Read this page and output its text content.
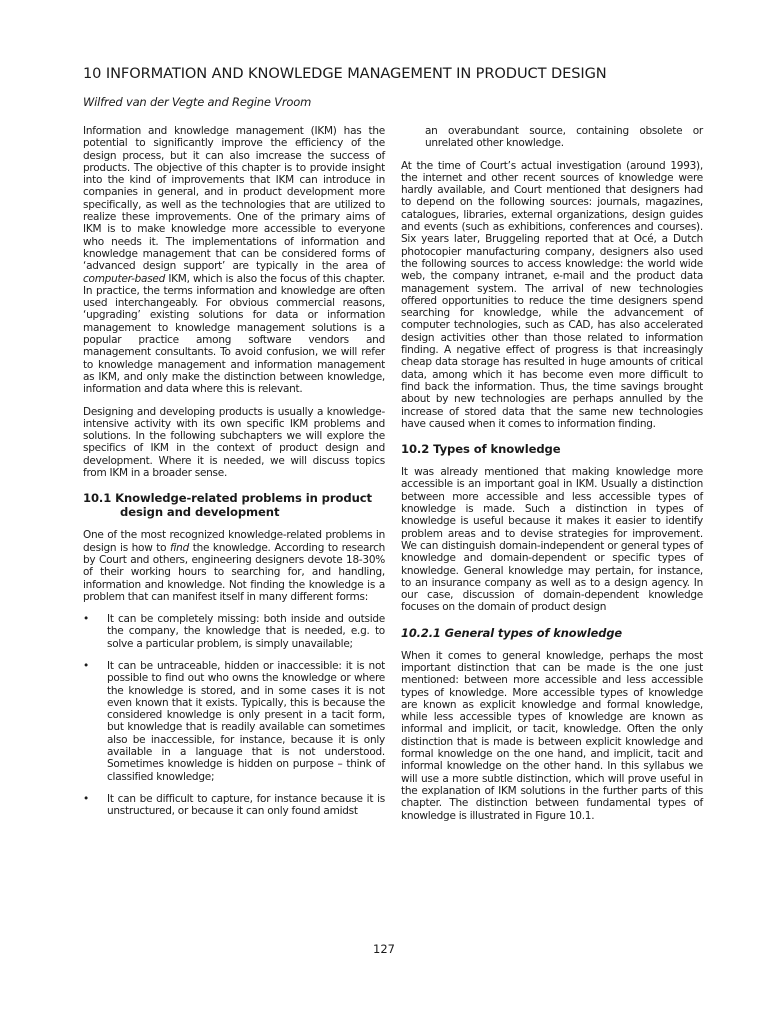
10 INFORMATION AND KNOWLEDGE MANAGEMENT IN PRODUCT DESIGN

Wilfred van der Vegte and Regine Vroom

Information and knowledge management (IKM) has the potential to significantly improve the efficiency of the design process, but it can also imcrease the success of products. The objective of this chapter is to provide insight into the kind of improvements that IKM can introduce in companies in general, and in product development more specifically, as well as the technologies that are utilized to realize these improvements. One of the primary aims of IKM is to make knowledge more accessible to everyone who needs it. The implementations of information and knowledge management that can be considered forms of ‘advanced design support’ are typically in the area of computer-based IKM, which is also the focus of this chapter. In practice, the terms information and knowledge are often used interchangeably. For obvious commercial reasons, ‘upgrading’ existing solutions for data or information management to knowledge management solutions is a popular practice among software vendors and management consultants. To avoid confusion, we will refer to knowledge management and information management as IKM, and only make the distinction between knowledge, information and data where this is relevant.

Designing and developing products is usually a knowledge-intensive activity with its own specific IKM problems and solutions. In the following subchapters we will explore the specifics of IKM in the context of product design and development. Where it is needed, we will discuss topics from IKM in a broader sense.

10.1 Knowledge-related problems in product design and development

One of the most recognized knowledge-related problems in design is how to find the knowledge. According to research by Court and others, engineering designers devote 18-30% of their working hours to searching for, and handling, information and knowledge. Not finding the knowledge is a problem that can manifest itself in many different forms:

•	It can be completely missing: both inside and outside the company, the knowledge that is needed, e.g. to solve a particular problem, is simply unavailable;
•	It can be untraceable, hidden or inaccessible: it is not possible to find out who owns the knowledge or where the knowledge is stored, and in some cases it is not even known that it exists. Typically, this is because the considered knowledge is only present in a tacit form, but knowledge that is readily available can sometimes also be inaccessible, for instance, because it is only available in a language that is not understood. Sometimes knowledge is hidden on purpose – think of classified knowledge;
•	It can be difficult to capture, for instance because it is unstructured, or because it can only found amidst
an overabundant source, containing obsolete or unrelated other knowledge.

At the time of Court’s actual investigation (around 1993), the internet and other recent sources of knowledge were hardly available, and Court mentioned that designers had to depend on the following sources: journals, magazines, catalogues, libraries, external organizations, design guides and events (such as exhibitions, conferences and courses). Six years later, Bruggeling reported that at Océ, a Dutch photocopier manufacturing company, designers also used the following sources to access knowledge: the world wide web, the company intranet, e-mail and the product data management system. The arrival of new technologies offered opportunities to reduce the time designers spend searching for knowledge, while the advancement of computer technologies, such as CAD, has also accelerated design activities other than those related to information finding. A negative effect of progress is that increasingly cheap data storage has resulted in huge amounts of critical data, among which it has become even more difficult to find back the information. Thus, the time savings brought about by new technologies are perhaps annulled by the increase of stored data that the same new technologies have caused when it comes to information finding.

10.2 Types of knowledge

It was already mentioned that making knowledge more accessible is an important goal in IKM. Usually a distinction between more accessible and less accessible types of knowledge is made. Such a distinction in types of knowledge is useful because it makes it easier to identify problem areas and to devise strategies for improvement. We can distinguish domain-independent or general types of knowledge and domain-dependent or specific types of knowledge. General knowledge may pertain, for instance, to an insurance company as well as to a design agency. In our case, discussion of domain-dependent knowledge focuses on the domain of product design

10.2.1 General types of knowledge

When it comes to general knowledge, perhaps the most important distinction that can be made is the one just mentioned: between more accessible and less accessible types of knowledge. More accessible types of knowledge are known as explicit knowledge and formal knowledge, while less accessible types of knowledge are known as informal and implicit, or tacit, knowledge. Often the only distinction that is made is between explicit knowledge and formal knowledge on the one hand, and implicit, tacit and informal knowledge on the other hand. In this syllabus we will use a more subtle distinction, which will prove useful in the explanation of IKM solutions in the further parts of this chapter. The distinction between fundamental types of knowledge is illustrated in Figure 10.1.

127
